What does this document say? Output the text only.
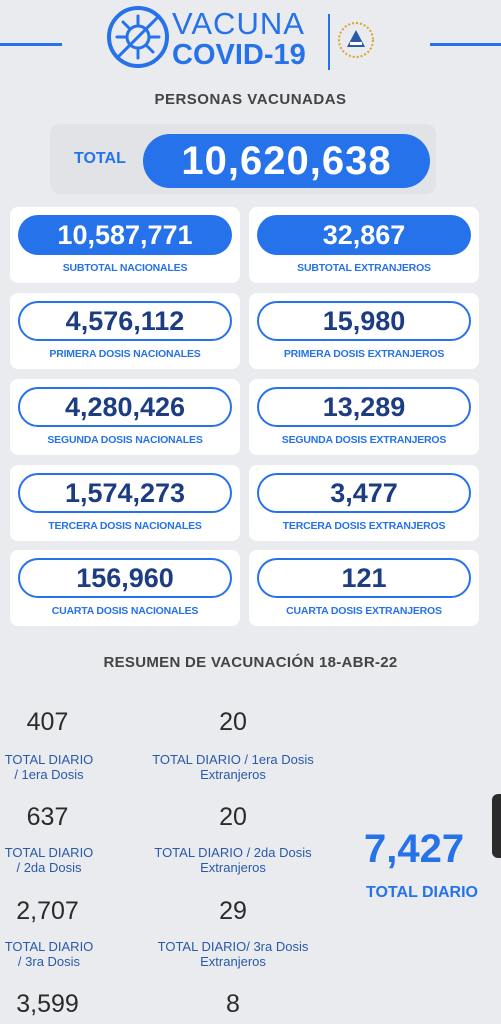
VACUNA
COVID-19
PERSONAS VACUNADAS
TOTAL	10,620,638
10,587,771
SUBTOTAL NACIONALES
32,867
SUBTOTAL EXTRANJEROS
4,576,112
PRIMERA DOSIS NACIONALES
15,980
PRIMERA DOSIS EXTRANJEROS
4,280,426
SEGUNDA DOSIS NACIONALES
13,289
SEGUNDA DOSIS EXTRANJEROS
1,574,273
TERCERA DOSIS NACIONALES
3,477
TERCERA DOSIS EXTRANJEROS
156,960
CUARTA DOSIS NACIONALES
121
CUARTA DOSIS EXTRANJEROS
RESUMEN DE VACUNACIÓN 18-ABR-22
407
TOTAL DIARIO
/ 1era Dosis
20
TOTAL DIARIO / 1era Dosis
Extranjeros
637
TOTAL DIARIO
/ 2da Dosis
20
TOTAL DIARIO / 2da Dosis
Extranjeros
2,707
TOTAL DIARIO
/ 3ra Dosis
29
TOTAL DIARIO/ 3ra Dosis
Extranjeros
3,599	8
7,427
TOTAL DIARIO
